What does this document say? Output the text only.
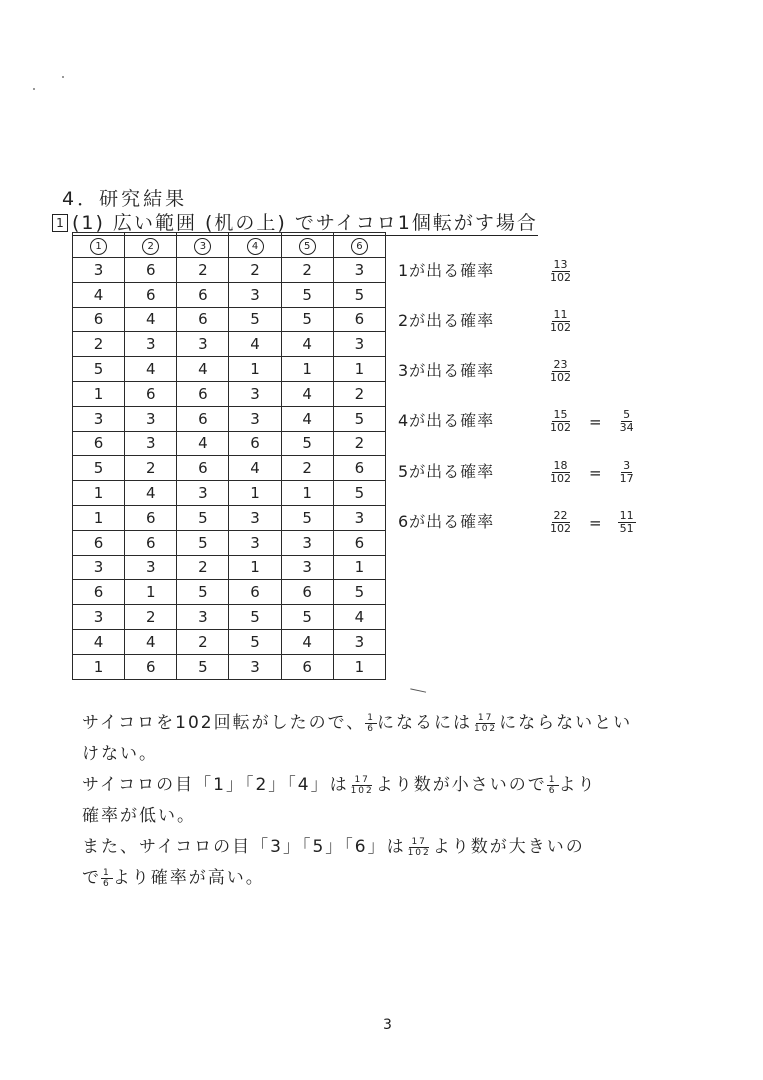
4．研究結果
1 (1) 広い範囲 (机の上) でサイコロ1個転がす場合
1	2	3	4	5	6
3	6	2	2	2	3
4	6	6	3	5	5
6	4	6	5	5	6
2	3	3	4	4	3
5	4	4	1	1	1
1	6	6	3	4	2
3	3	6	3	4	5
6	3	4	6	5	2
5	2	6	4	2	6
1	4	3	1	1	5
1	6	5	3	5	3
6	6	5	3	3	6
3	3	2	1	3	1
6	1	5	6	6	5
3	2	3	5	5	4
4	4	2	5	4	3
1	6	5	3	6	1
1が出る確率	$\frac{13}{102}$
2が出る確率	$\frac{11}{102}$
3が出る確率	$\frac{23}{102}$
4が出る確率	$\frac{15}{102} = \frac{5}{34}$
5が出る確率	$\frac{18}{102} = \frac{3}{17}$
6が出る確率	$\frac{22}{102} = \frac{11}{51}$
サイコロを102回転がしたので、 $\frac{1}{6}$ になるには $\frac{17}{102}$ にならないとい
けない。
サイコロの目「1」「2」「4」は $\frac{17}{102}$ より数が小さいので $\frac{1}{6}$ より
確率が低い。
また、サイコロの目「3」「5」「6」は $\frac{17}{102}$ より数が大きいの
で $\frac{1}{6}$ より確率が高い。
3
